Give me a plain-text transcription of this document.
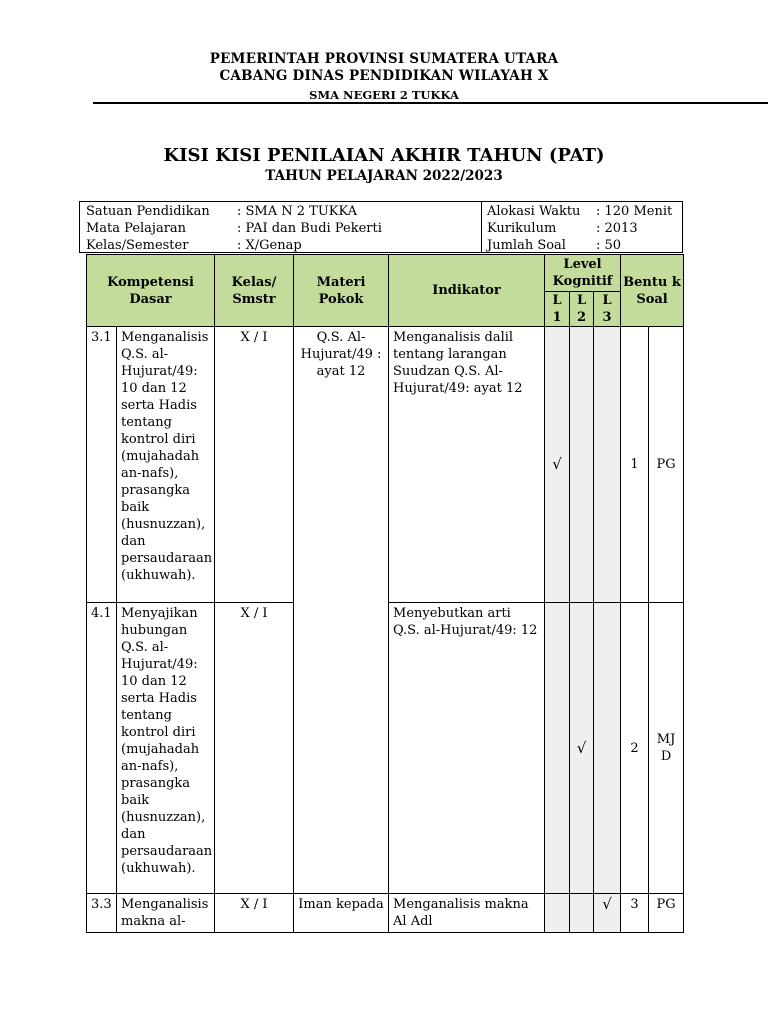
PEMERINTAH PROVINSI SUMATERA UTARA
CABANG DINAS PENDIDIKAN WILAYAH X
SMA NEGERI 2 TUKKA
KISI KISI PENILAIAN AKHIR TAHUN (PAT)
TAHUN PELAJARAN 2022/2023
Satuan Pendidikan : SMA N 2 TUKKA
Mata Pelajaran	: PAI dan Budi Pekerti
Kelas/Semester	: X/Genap
Alokasi Waktu : 120 Menit
Kurikulum	: 2013
Jumlah Soal : 50
Kompetensi Dasar		Kelas/ Smstr	Materi Pokok	Indikator	Level Kognitif			Bentu k Soal	
					L 1	L 2	L 3		
3.1	Menganalisis Q.S. al-Hujurat/49: 10 dan 12 serta Hadis tentang kontrol diri (mujahadah an-nafs), prasangka baik (husnuzzan), dan persaudaraan (ukhuwah).	X / I	Q.S. Al-Hujurat/49 : ayat 12	Menganalisis dalil tentang larangan Suudzan Q.S. Al-Hujurat/49: ayat 12	√			1	PG
4.1	Menyajikan hubungan Q.S. al-Hujurat/49: 10 dan 12 serta Hadis tentang kontrol diri (mujahadah an-nafs), prasangka baik (husnuzzan), dan persaudaraan (ukhuwah).	X / I		Menyebutkan arti Q.S. al-Hujurat/49: 12		√		2	MJD
3.3	Menganalisis makna al-	X / I	Iman kepada	Menganalisis makna Al Adl			√	3	PG
